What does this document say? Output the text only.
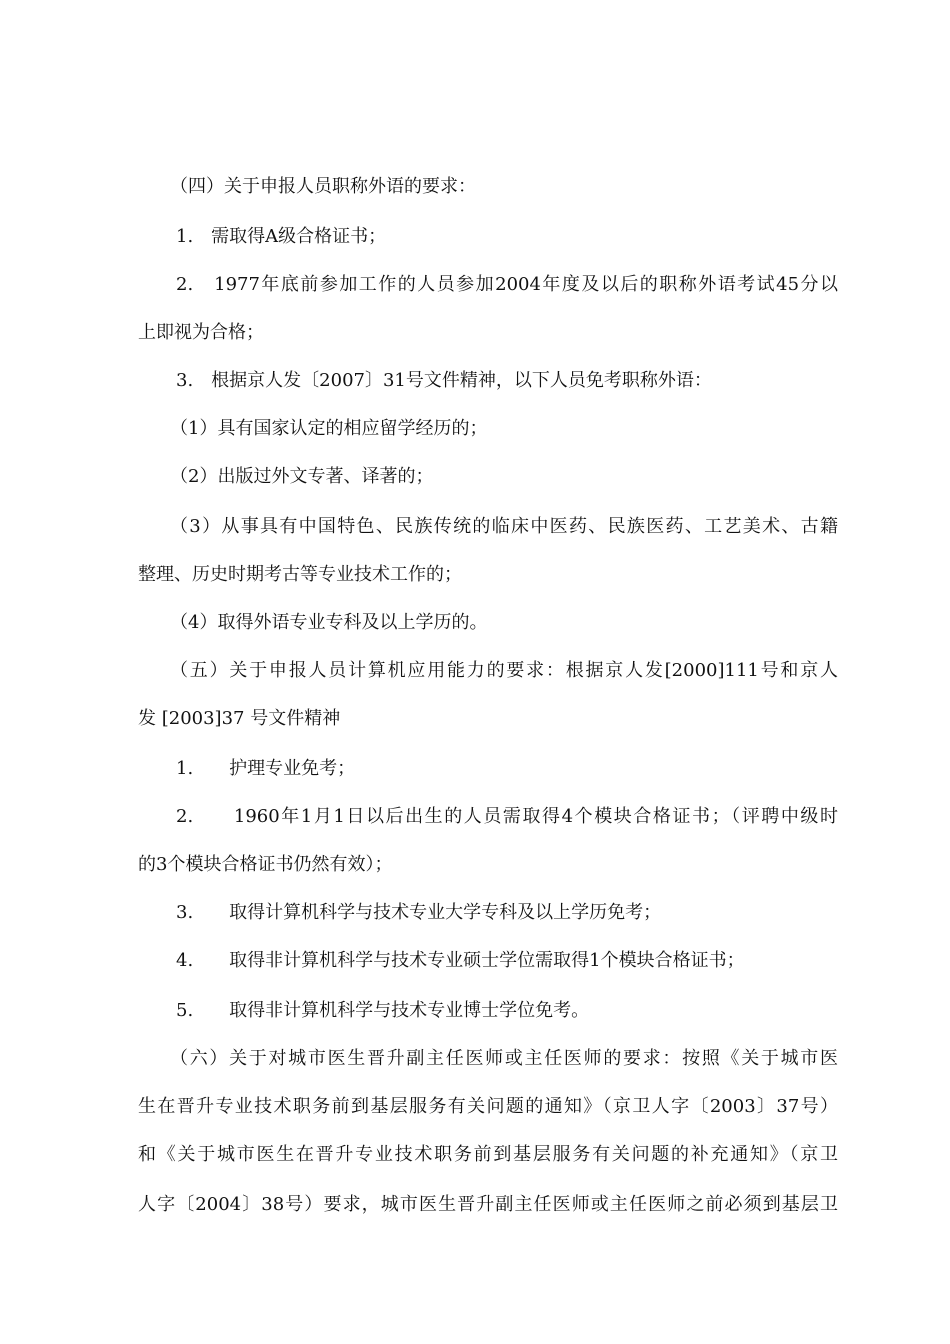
（四）关于申报人员职称外语的要求：
1.　需取得A级合格证书；
2.　1977年底前参加工作的人员参加2004年度及以后的职称外语考试45分以
上即视为合格；
3.　根据京人发〔2007〕31号文件精神，以下人员免考职称外语：
（1）具有国家认定的相应留学经历的；
（2）出版过外文专著、译著的；
（3）从事具有中国特色、民族传统的临床中医药、民族医药、工艺美术、古籍
整理、历史时期考古等专业技术工作的；
（4）取得外语专业专科及以上学历的。
（五）关于申报人员计算机应用能力的要求：根据京人发[2000]111号和京人
发 [2003]37 号文件精神
1.　　护理专业免考；
2.　　1960年1月1日以后出生的人员需取得4个模块合格证书；（评聘中级时
的3个模块合格证书仍然有效）；
3.　　取得计算机科学与技术专业大学专科及以上学历免考；
4.　　取得非计算机科学与技术专业硕士学位需取得1个模块合格证书；
5.　　取得非计算机科学与技术专业博士学位免考。
（六）关于对城市医生晋升副主任医师或主任医师的要求：按照《关于城市医
生在晋升专业技术职务前到基层服务有关问题的通知》（京卫人字〔2003〕37号）
和《关于城市医生在晋升专业技术职务前到基层服务有关问题的补充通知》（京卫
人字〔2004〕38号）要求，城市医生晋升副主任医师或主任医师之前必须到基层卫
